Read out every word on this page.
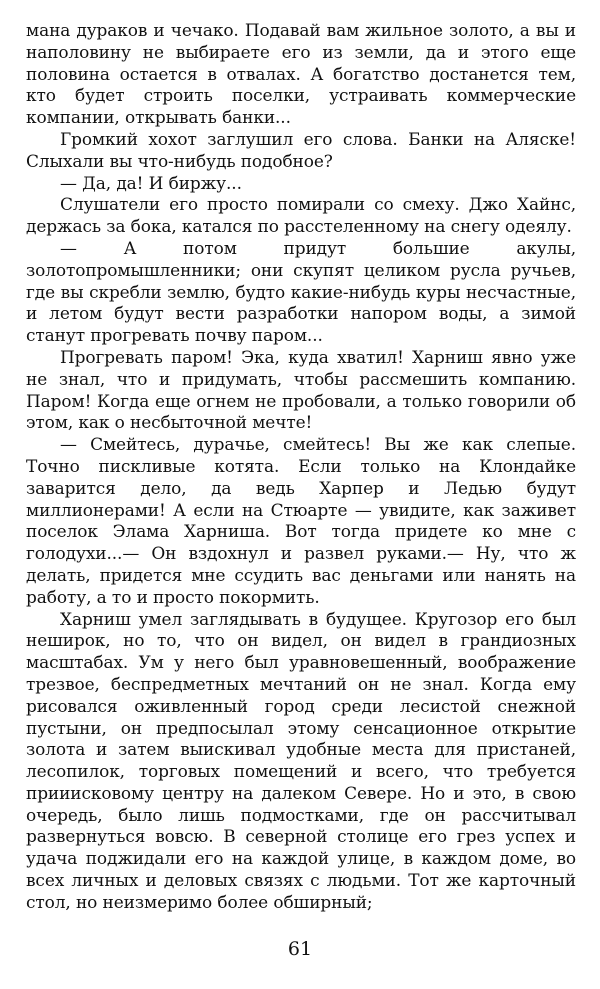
мана дураков и чечако. Подавай вам жильное золото, а вы и наполовину не выбираете его из земли, да и этого еще половина остается в отвалах. А богатство достанется тем, кто будет строить поселки, устраивать коммерческие компании, открывать банки...

Громкий хохот заглушил его слова. Банки на Аляске! Слыхали вы что-нибудь подобное?

— Да, да! И биржу...

Слушатели его просто помирали со смеху. Джо Хайнс, держась за бока, катался по расстеленному на снегу одеялу.

— А потом придут большие акулы, золотопромышленники; они скупят целиком русла ручьев, где вы скребли землю, будто какие-нибудь куры несчастные, и летом будут вести разработки напором воды, а зимой станут прогревать почву паром...

Прогревать паром! Эка, куда хватил! Харниш явно уже не знал, что и придумать, чтобы рассмешить компанию. Паром! Когда еще огнем не пробовали, а только говорили об этом, как о несбыточной мечте!

— Смейтесь, дурачье, смейтесь! Вы же как слепые. Точно пискливые котята. Если только на Клондайке заварится дело, да ведь Харпер и Ледью будут миллионерами! А если на Стюарте — увидите, как заживет поселок Элама Харниша. Вот тогда придете ко мне с голодухи...— Он вздохнул и развел руками.— Ну, что ж делать, придется мне ссудить вас деньгами или нанять на работу, а то и просто покормить.

Харниш умел заглядывать в будущее. Кругозор его был неширок, но то, что он видел, он видел в грандиозных масштабах. Ум у него был уравновешенный, воображение трезвое, беспредметных мечтаний он не знал. Когда ему рисовался оживленный город среди лесистой снежной пустыни, он предпосылал этому сенсационное открытие золота и затем выискивал удобные места для пристаней, лесопилок, торговых помещений и всего, что требуется прииисковому центру на далеком Севере. Но и это, в свою очередь, было лишь подмостками, где он рассчитывал развернуться вовсю. В северной столице его грез успех и удача поджидали его на каждой улице, в каждом доме, во всех личных и деловых связях с людьми. Тот же карточный стол, но неизмеримо более обширный;

61
